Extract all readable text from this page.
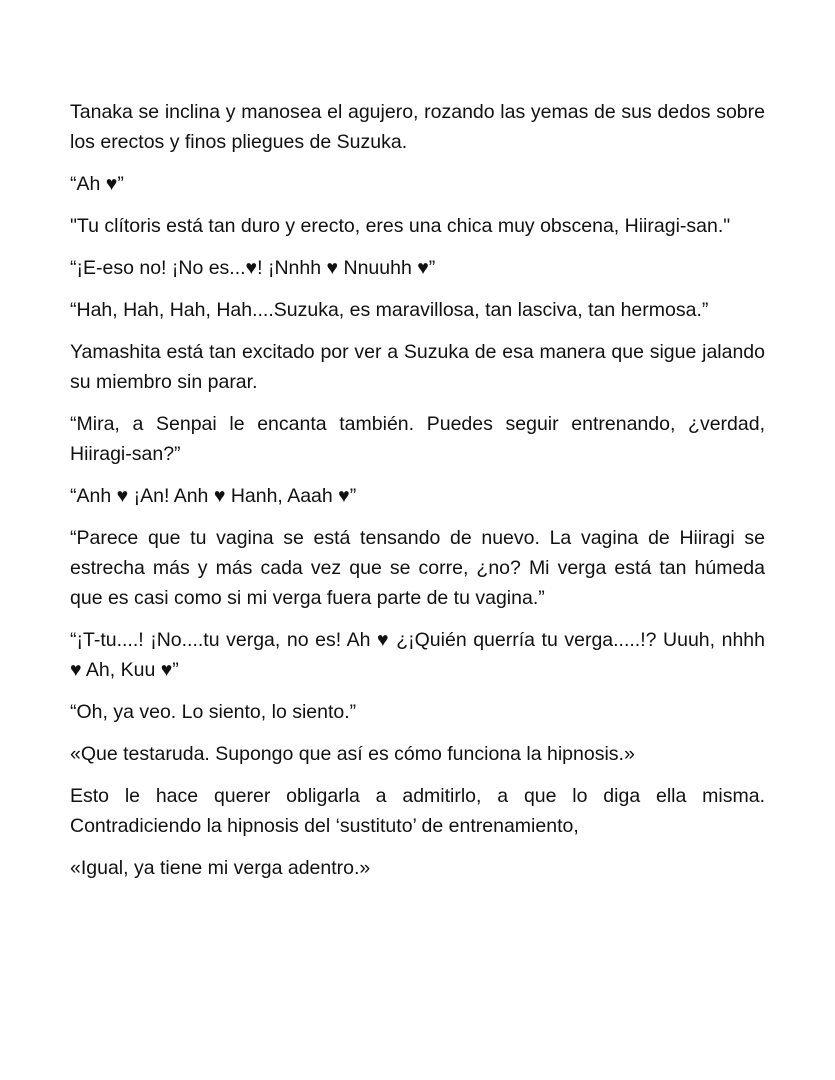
Tanaka se inclina y manosea el agujero, rozando las yemas de sus dedos sobre los erectos y finos pliegues de Suzuka.

“Ah ♥”

"Tu clítoris está tan duro y erecto, eres una chica muy obscena, Hiiragi-san."

“¡E-eso no! ¡No es...♥! ¡Nnhh ♥ Nnuuhh ♥”

“Hah, Hah, Hah, Hah....Suzuka, es maravillosa, tan lasciva, tan hermosa.”

Yamashita está tan excitado por ver a Suzuka de esa manera que sigue jalando su miembro sin parar.

“Mira, a Senpai le encanta también. Puedes seguir entrenando, ¿verdad, Hiiragi-san?”

“Anh ♥ ¡An! Anh ♥ Hanh, Aaah ♥”

“Parece que tu vagina se está tensando de nuevo. La vagina de Hiiragi se estrecha más y más cada vez que se corre, ¿no? Mi verga está tan húmeda que es casi como si mi verga fuera parte de tu vagina.”

“¡T-tu....! ¡No....tu verga, no es! Ah ♥ ¿¡Quién querría tu verga.....!? Uuuh, nhhh ♥ Ah, Kuu ♥”

“Oh, ya veo. Lo siento, lo siento.”

«Que testaruda. Supongo que así es cómo funciona la hipnosis.»

Esto le hace querer obligarla a admitirlo, a que lo diga ella misma. Contradiciendo la hipnosis del ‘sustituto’ de entrenamiento,

«Igual, ya tiene mi verga adentro.»
